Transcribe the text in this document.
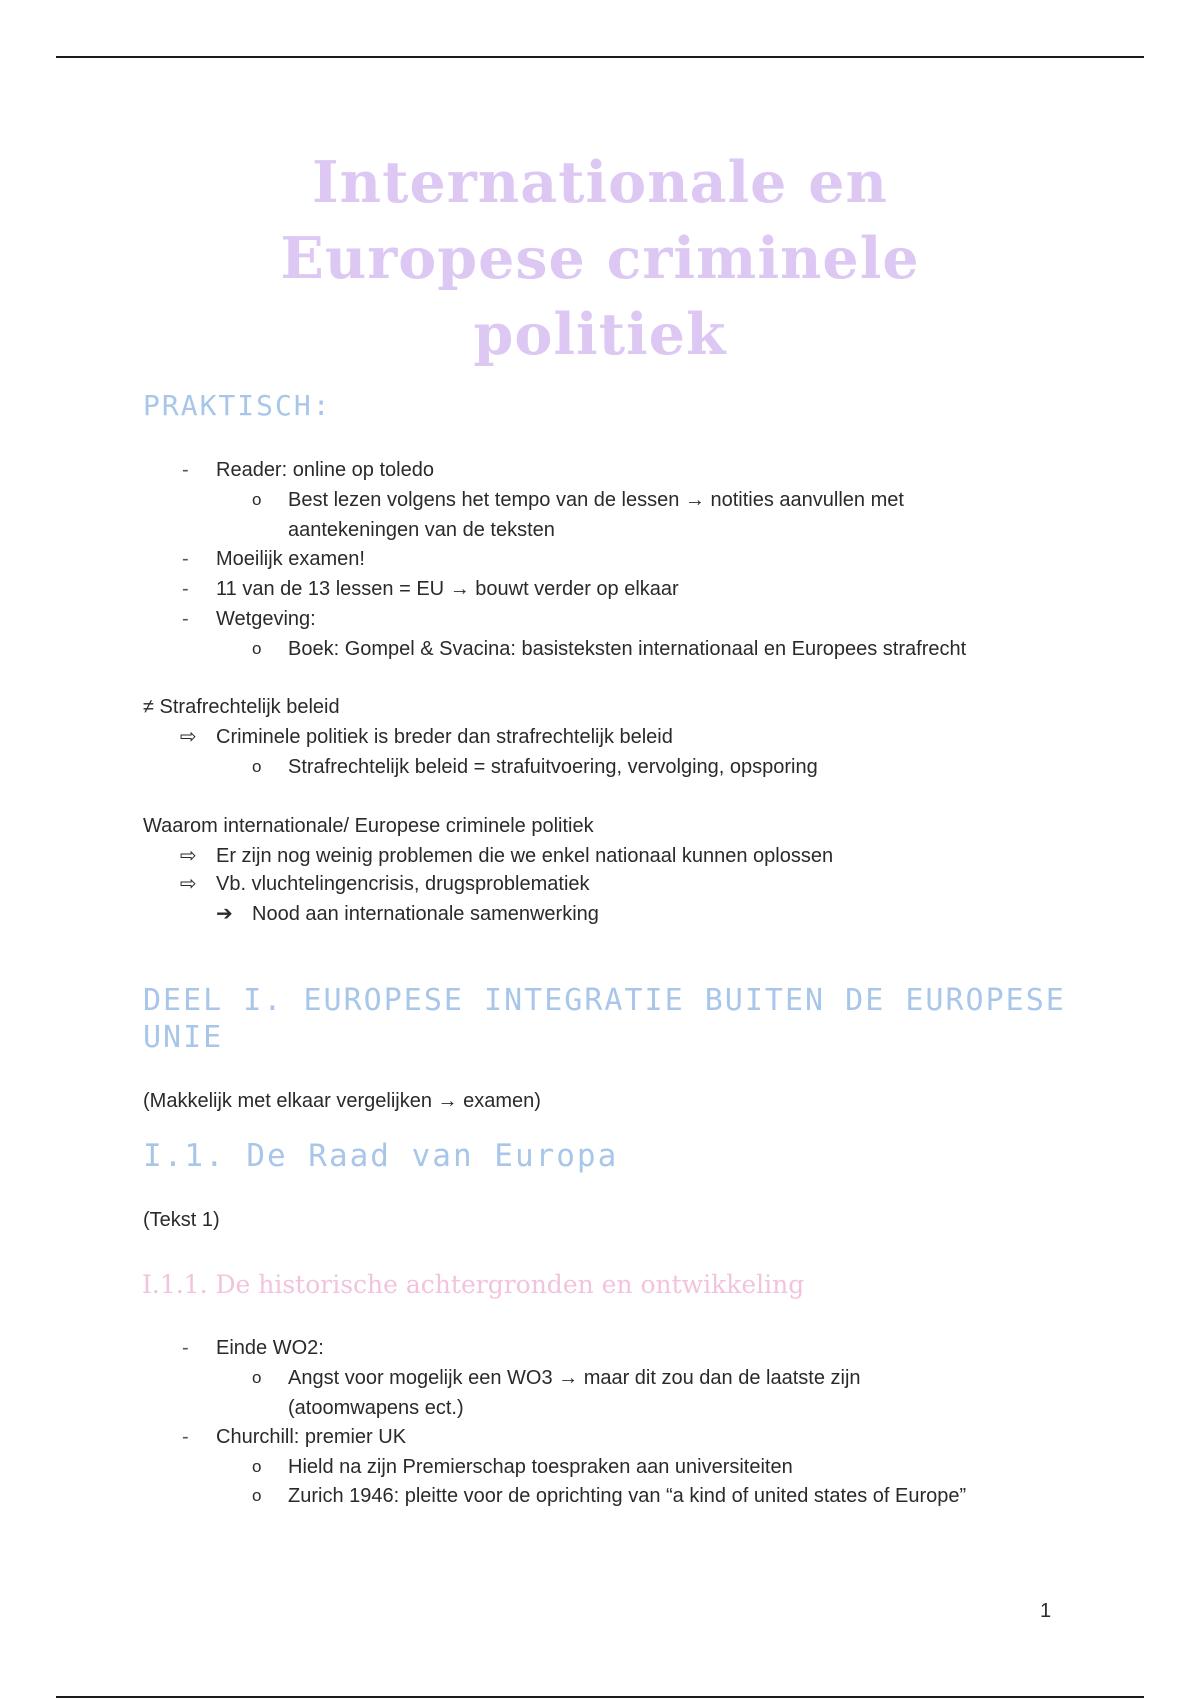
Internationale en
Europese criminele
politiek
PRAKTISCH:
- Reader: online op toledo
o Best lezen volgens het tempo van de lessen → notities aanvullen met
aantekeningen van de teksten
- Moeilijk examen!
- 11 van de 13 lessen = EU → bouwt verder op elkaar
- Wetgeving:
o Boek: Gompel & Svacina: basisteksten internationaal en Europees strafrecht
≠ Strafrechtelijk beleid
⇨ Criminele politiek is breder dan strafrechtelijk beleid
o Strafrechtelijk beleid = strafuitvoering, vervolging, opsporing
Waarom internationale/ Europese criminele politiek
⇨ Er zijn nog weinig problemen die we enkel nationaal kunnen oplossen
⇨ Vb. vluchtelingencrisis, drugsproblematiek
➔ Nood aan internationale samenwerking
DEEL I. EUROPESE INTEGRATIE BUITEN DE EUROPESE
UNIE
(Makkelijk met elkaar vergelijken → examen)
I.1. De Raad van Europa
(Tekst 1)
I.1.1. De historische achtergronden en ontwikkeling
- Einde WO2:
o Angst voor mogelijk een WO3 → maar dit zou dan de laatste zijn
(atoomwapens ect.)
- Churchill: premier UK
o Hield na zijn Premierschap toespraken aan universiteiten
o Zurich 1946: pleitte voor de oprichting van “a kind of united states of Europe”
1
